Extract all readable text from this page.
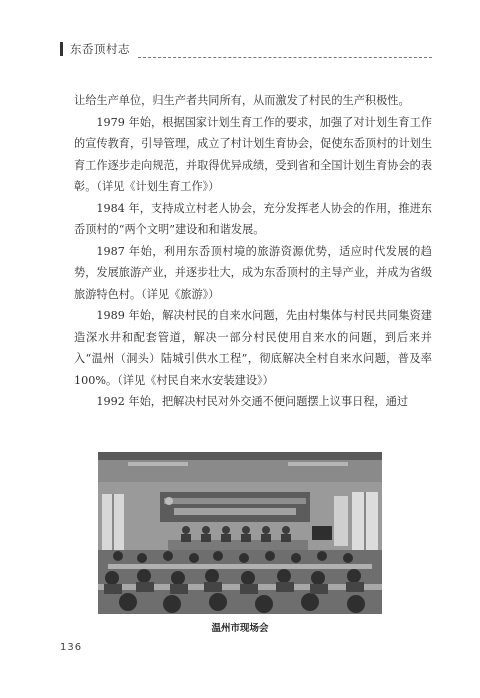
东岙顶村志

让给生产单位，归生产者共同所有，从而激发了村民的生产积极性。

1979 年始，根据国家计划生育工作的要求，加强了对计划生育工作的宣传教育，引导管理，成立了村计划生育协会，促使东岙顶村的计划生育工作逐步走向规范，并取得优异成绩，受到省和全国计划生育协会的表彰。（详见《计划生育工作》）

1984 年，支持成立村老人协会，充分发挥老人协会的作用，推进东岙顶村的“两个文明”建设和和谐发展。

1987 年始，利用东岙顶村境的旅游资源优势，适应时代发展的趋势，发展旅游产业，并逐步壮大，成为东岙顶村的主导产业，并成为省级旅游特色村。（详见《旅游》）

1989 年始，解决村民的自来水问题，先由村集体与村民共同集资建造深水井和配套管道，解决一部分村民使用自来水的问题，到后来并入“温州（洞头）陆城引供水工程”，彻底解决全村自来水问题，普及率 100%。（详见《村民自来水安装建设》）

1992 年始，把解决村民对外交通不便问题摆上议事日程，通过

温州市现场会
136
